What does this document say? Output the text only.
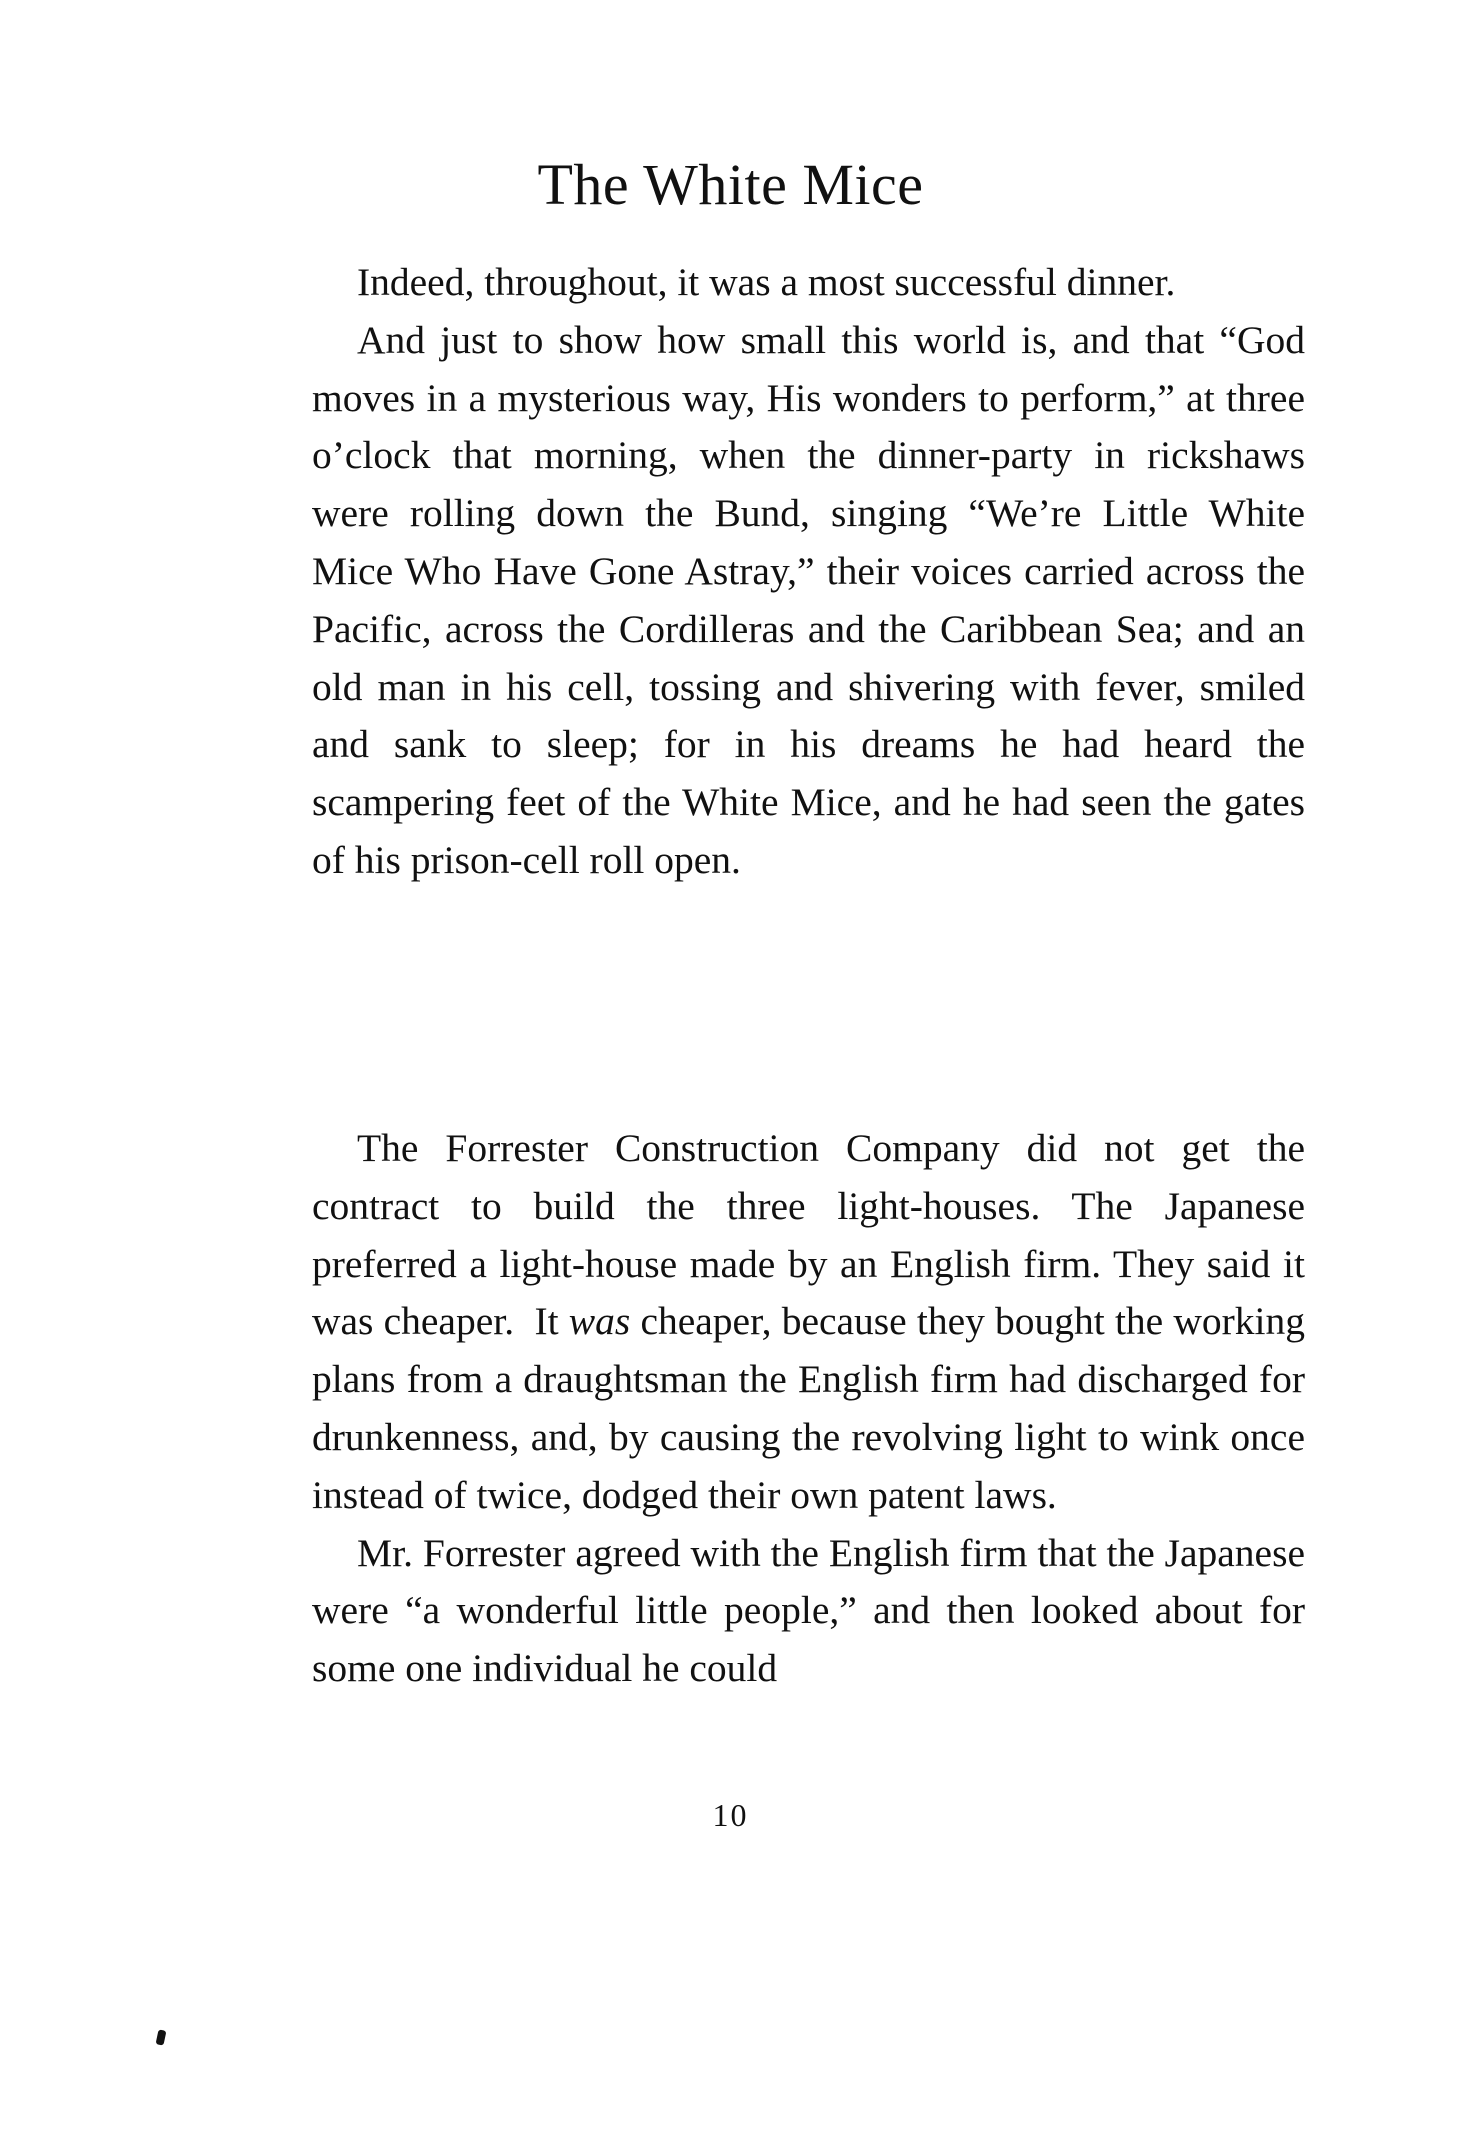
The White Mice

Indeed, throughout, it was a most successful dinner.

And just to show how small this world is, and that “God moves in a mysterious way, His wonders to perform,” at three o’clock that morning, when the dinner-party in rickshaws were rolling down the Bund, singing “We’re Little White Mice Who Have Gone Astray,” their voices carried across the Pacific, across the Cordilleras and the Caribbean Sea; and an old man in his cell, tossing and shivering with fever, smiled and sank to sleep; for in his dreams he had heard the scampering feet of the White Mice, and he had seen the gates of his prison-cell roll open.

The Forrester Construction Company did not get the contract to build the three light-houses. The Japanese preferred a light-house made by an English firm. They said it was cheaper. It was cheaper, because they bought the working plans from a draughtsman the English firm had discharged for drunkenness, and, by causing the revolving light to wink once instead of twice, dodged their own patent laws.

Mr. Forrester agreed with the English firm that the Japanese were “a wonderful little people,” and then looked about for some one individual he could

10
